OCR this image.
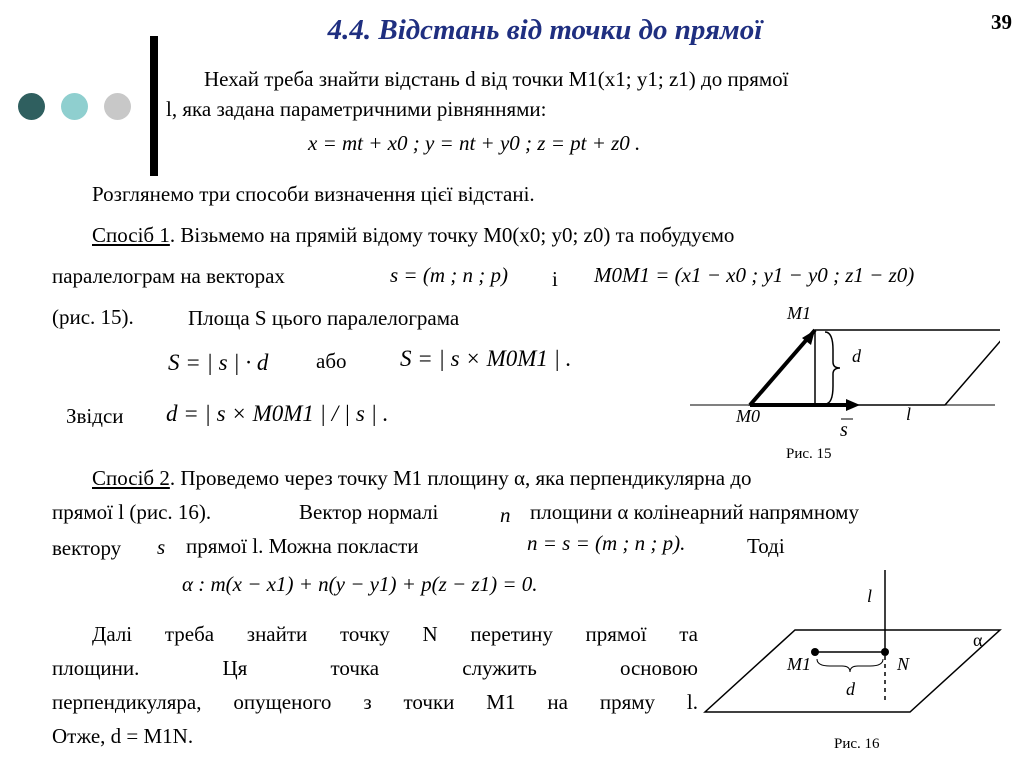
4.4. Відстань від точки до прямої	39
Нехай треба знайти відстань d від точки M1(x1; y1; z1) до прямої
l, яка задана параметричними рівняннями:
x = mt + x0 ; y = nt + y0 ; z = pt + z0 .
Розглянемо три способи визначення цієї відстані.
Спосіб 1. Візьмемо на прямій відому точку M0(x0; y0; z0) та побудуємо
паралелограм на векторах	s = (m ; n ; p) і M0M1 = (x1 − x0 ; y1 − y0 ; z1 − z0)
(рис. 15).	Площа S цього паралелограма
S = | s | · d або S = | s × M0M1 | .
Звідси d = | s × M0M1 | / | s | .
M1
d
M0	l
s
Рис. 15
Спосіб 2. Проведемо через точку M1 площину α, яка перпендикулярна до
прямої l (рис. 16).	Вектор нормалі	n площини α колінеарний напрямному
вектору s прямої l. Можна покласти	n = s = (m ; n ; p).	Тоді
α : m(x − x1) + n(y − y1) + p(z − z1) = 0.
Далі треба знайти точку N перетину прямої та
площини. Ця точка служить основою
перпендикуляра, опущеного з точки M1 на пряму l.
Отже, d = M1N.
l
α
M1	N
d
Рис. 16
